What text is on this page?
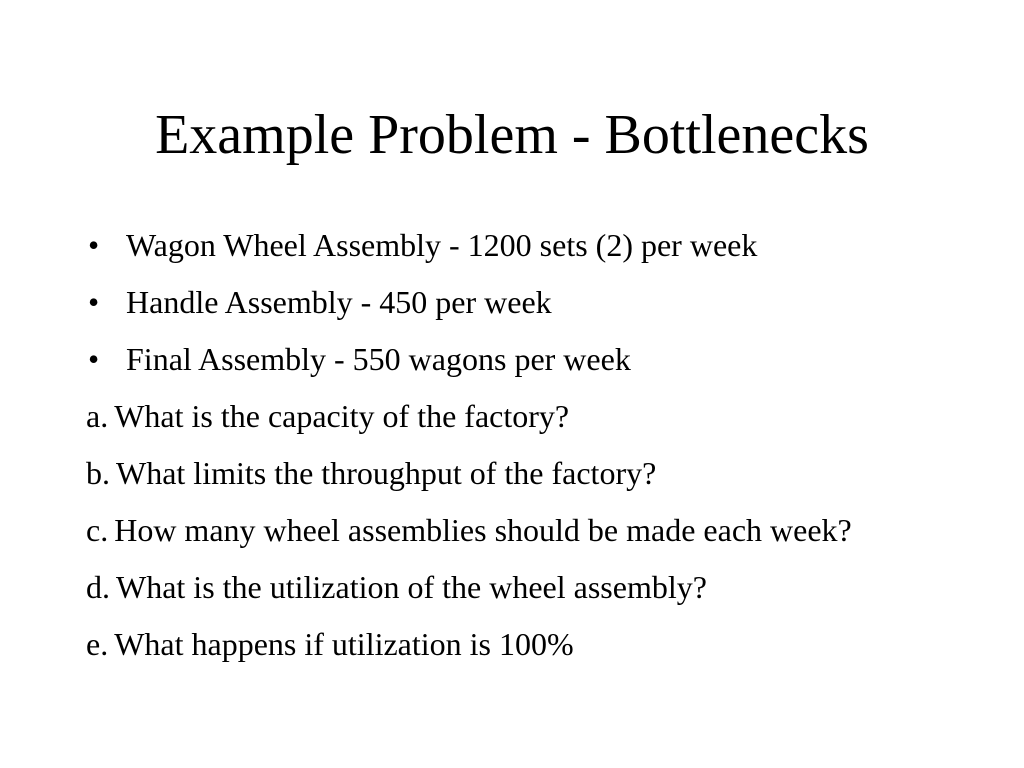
Example Problem - Bottlenecks
• Wagon Wheel Assembly - 1200 sets (2) per week
• Handle Assembly - 450 per week
• Final Assembly - 550 wagons per week
a. What is the capacity of the factory?
b. What limits the throughput of the factory?
c. How many wheel assemblies should be made each week?
d. What is the utilization of the wheel assembly?
e. What happens if utilization is 100%
